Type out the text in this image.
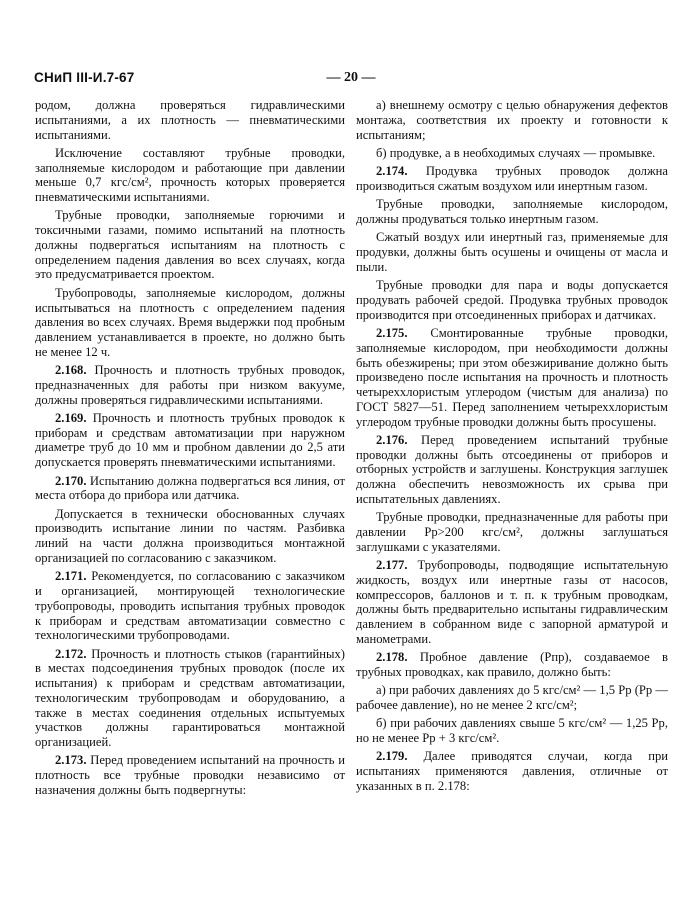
СНиП III-И.7-67	— 20 —

родом, должна проверяться гидравлическими испытаниями, а их плотность — пневматическими испытаниями.

Исключение составляют трубные проводки, заполняемые кислородом и работающие при давлении меньше 0,7 кгс/см², прочность которых проверяется пневматическими испытаниями.

Трубные проводки, заполняемые горючими и токсичными газами, помимо испытаний на плотность должны подвергаться испытаниям на плотность с определением падения давления во всех случаях, когда это предусматривается проектом.

Трубопроводы, заполняемые кислородом, должны испытываться на плотность с определением падения давления во всех случаях. Время выдержки под пробным давлением устанавливается в проекте, но должно быть не менее 12 ч.

2.168. Прочность и плотность трубных проводок, предназначенных для работы при низком вакууме, должны проверяться гидравлическими испытаниями.

2.169. Прочность и плотность трубных проводок к приборам и средствам автоматизации при наружном диаметре труб до 10 мм и пробном давлении до 2,5 ати допускается проверять пневматическими испытаниями.

2.170. Испытанию должна подвергаться вся линия, от места отбора до прибора или датчика.

Допускается в технически обоснованных случаях производить испытание линии по частям. Разбивка линий на части должна производиться монтажной организацией по согласованию с заказчиком.

2.171. Рекомендуется, по согласованию с заказчиком и организацией, монтирующей технологические трубопроводы, проводить испытания трубных проводок к приборам и средствам автоматизации совместно с технологическими трубопроводами.

2.172. Прочность и плотность стыков (гарантийных) в местах подсоединения трубных проводок (после их испытания) к приборам и средствам автоматизации, технологическим трубопроводам и оборудованию, а также в местах соединения отдельных испытуемых участков должны гарантироваться монтажной организацией.

2.173. Перед проведением испытаний на прочность и плотность все трубные проводки независимо от назначения должны быть подвергнуты:

а) внешнему осмотру с целью обнаружения дефектов монтажа, соответствия их проекту и готовности к испытаниям;

б) продувке, а в необходимых случаях — промывке.

2.174. Продувка трубных проводок должна производиться сжатым воздухом или инертным газом.

Трубные проводки, заполняемые кислородом, должны продуваться только инертным газом.

Сжатый воздух или инертный газ, применяемые для продувки, должны быть осушены и очищены от масла и пыли.

Трубные проводки для пара и воды допускается продувать рабочей средой. Продувка трубных проводок производится при отсоединенных приборах и датчиках.

2.175. Смонтированные трубные проводки, заполняемые кислородом, при необходимости должны быть обезжирены; при этом обезжиривание должно быть произведено после испытания на прочность и плотность четыреххлористым углеродом (чистым для анализа) по ГОСТ 5827—51. Перед заполнением четыреххлористым углеродом трубные проводки должны быть просушены.

2.176. Перед проведением испытаний трубные проводки должны быть отсоединены от приборов и отборных устройств и заглушены. Конструкция заглушек должна обеспечить невозможность их срыва при испытательных давлениях.

Трубные проводки, предназначенные для работы при давлении Pр>200 кгс/см², должны заглушаться заглушками с указателями.

2.177. Трубопроводы, подводящие испытательную жидкость, воздух или инертные газы от насосов, компрессоров, баллонов и т. п. к трубным проводкам, должны быть предварительно испытаны гидравлическим давлением в собранном виде с запорной арматурой и манометрами.

2.178. Пробное давление (Pпр), создаваемое в трубных проводках, как правило, должно быть:

а) при рабочих давлениях до 5 кгс/см² — 1,5 Pр (Pр — рабочее давление), но не менее 2 кгс/см²;

б) при рабочих давлениях свыше 5 кгс/см² — 1,25 Pр, но не менее Pр + 3 кгс/см².

2.179. Далее приводятся случаи, когда при испытаниях применяются давления, отличные от указанных в п. 2.178:
